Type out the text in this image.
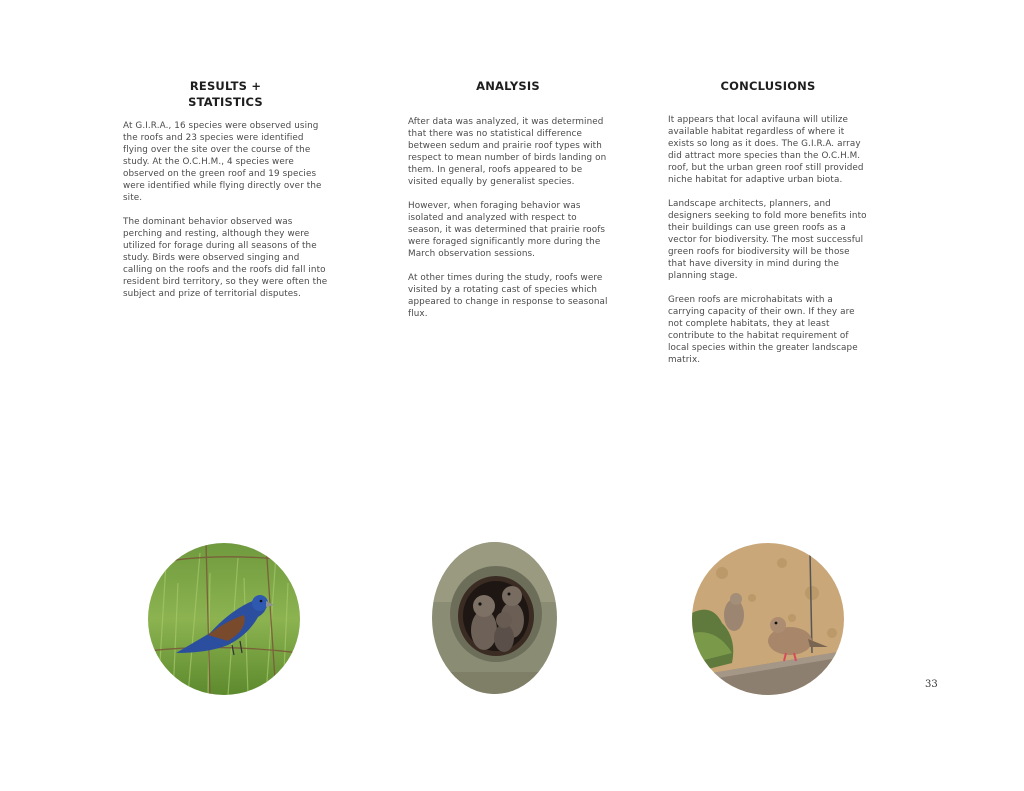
RESULTS +
STATISTICS

At G.I.R.A., 16 species were observed using the roofs and 23 species were identified flying over the site over the course of the study. At the O.C.H.M., 4 species were observed on the green roof and 19 species were identified while flying directly over the site.

The dominant behavior observed was perching and resting, although they were utilized for forage during all seasons of the study. Birds were observed singing and calling on the roofs and the roofs did fall into resident bird territory, so they were often the subject and prize of territorial disputes.

ANALYSIS

After data was analyzed, it was determined that there was no statistical difference between sedum and prairie roof types with respect to mean number of birds landing on them. In general, roofs appeared to be visited equally by generalist species.

However, when foraging behavior was isolated and analyzed with respect to season, it was determined that prairie roofs were foraged significantly more during the March observation sessions.

At other times during the study, roofs were visited by a rotating cast of species which appeared to change in response to seasonal flux.

CONCLUSIONS

It appears that local avifauna will utilize available habitat regardless of where it exists so long as it does. The G.I.R.A. array did attract more species than the O.C.H.M. roof, but the urban green roof still provided niche habitat for adaptive urban biota.

Landscape architects, planners, and designers seeking to fold more benefits into their buildings can use green roofs as a vector for biodiversity. The most successful green roofs for biodiversity will be those that have diversity in mind during the planning stage.

Green roofs are microhabitats with a carrying capacity of their own. If they are not complete habitats, they at least contribute to the habitat requirement of local species within the greater landscape matrix.

33
